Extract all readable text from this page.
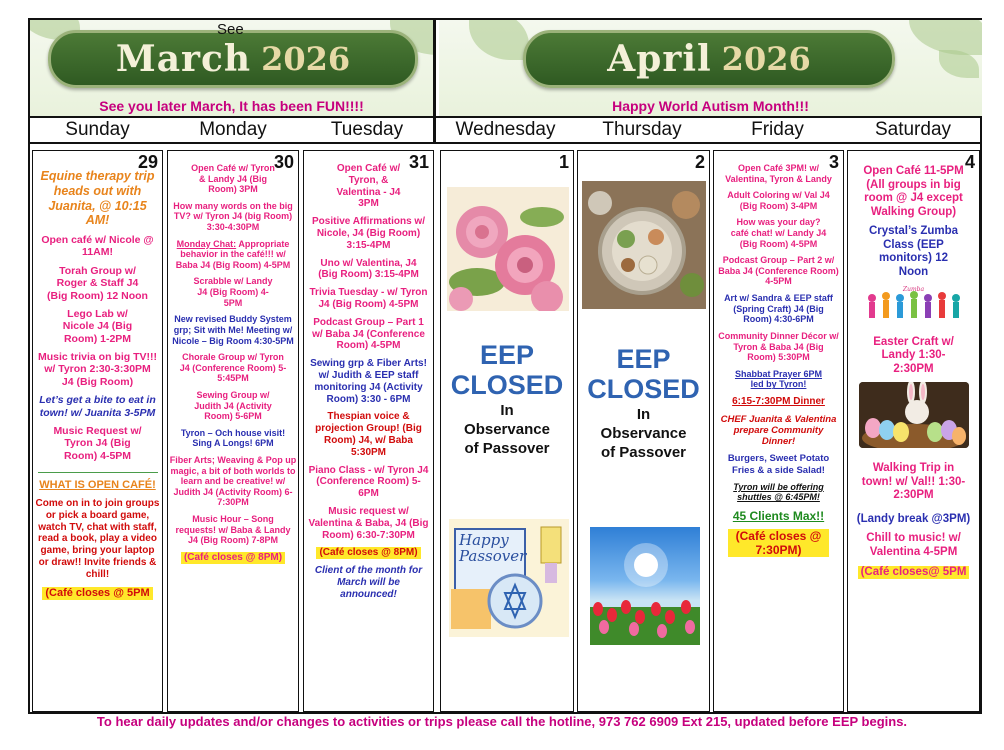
March 2026
See
See you later March, It has been FUN!!!!
April 2026
Happy World Autism Month!!!
Sunday	Monday	Tuesday	Wednesday	Thursday	Friday	Saturday
29
Equine therapy trip heads out with Juanita, @ 10:15 AM!
Open café w/ Nicole @ 11AM!
Torah Group w/ Roger & Staff J4 (Big Room) 12 Noon
Lego Lab w/ Nicole J4 (Big Room) 1-2PM
Music trivia on big TV!!! w/ Tyron 2:30-3:30PM J4 (Big Room)
Let’s get a bite to eat in town! w/ Juanita 3-5PM
Music Request w/ Tyron J4 (Big Room) 4-5PM
WHAT IS OPEN CAFÉ!
Come on in to join groups or pick a board game, watch TV, chat with staff, read a book, play a video game, bring your laptop or draw!! Invite friends & chill!
(Café closes @ 5PM
30
Open Café w/ Tyron & Landy J4 (Big Room) 3PM
How many words on the big TV? w/ Tyron J4 (big Room) 3:30-4:30PM
Monday Chat: Appropriate behavior in the café!!! w/ Baba J4 (Big Room) 4-5PM
Scrabble w/ Landy J4 (Big Room) 4-5PM
New revised Buddy System grp; Sit with Me! Meeting w/ Nicole – Big Room 4:30-5PM
Chorale Group w/ Tyron J4 (Conference Room) 5-5:45PM
Sewing Group w/ Judith J4 (Activity Room) 5-6PM
Tyron – Och house visit! Sing A Longs! 6PM
Fiber Arts; Weaving & Pop up magic, a bit of both worlds to learn and be creative! w/ Judith J4 (Activity Room) 6-7:30PM
Music Hour – Song requests! w/ Baba & Landy J4 (Big Room) 7-8PM
(Café closes @ 8PM)
31
Open Café w/ Tyron, & Valentina - J4 3PM
Positive Affirmations w/ Nicole, J4 (Big Room) 3:15-4PM
Uno w/ Valentina, J4 (Big Room) 3:15-4PM
Trivia Tuesday - w/ Tyron J4 (Big Room) 4-5PM
Podcast Group – Part 1 w/ Baba J4 (Conference Room) 4-5PM
Sewing grp & Fiber Arts! w/ Judith & EEP staff monitoring J4 (Activity Room) 3:30 - 6PM
Thespian voice & projection Group! (Big Room) J4, w/ Baba 5:30PM
Piano Class - w/ Tyron J4 (Conference Room) 5-6PM
Music request w/ Valentina & Baba, J4 (Big Room) 6:30-7:30PM
(Café closes @ 8PM)
Client of the month for March will be announced!
1
EEP
CLOSED
In Observance of Passover
Happy Passover
2
EEP
CLOSED
In Observance of Passover
3
Open Café 3PM! w/ Valentina, Tyron & Landy
Adult Coloring w/ Val J4 (Big Room) 3-4PM
How was your day? café chat! w/ Landy J4 (Big Room) 4-5PM
Podcast Group – Part 2 w/ Baba J4 (Conference Room) 4-5PM
Art w/ Sandra & EEP staff (Spring Craft) J4 (Big Room) 4:30-6PM
Community Dinner Décor w/ Tyron & Baba J4 (Big Room) 5:30PM
Shabbat Prayer 6PM led by Tyron!
6:15-7:30PM Dinner
CHEF Juanita & Valentina prepare Community Dinner!
Burgers, Sweet Potato Fries & a side Salad!
Tyron will be offering shuttles @ 6:45PM!
45 Clients Max!!
(Café closes @ 7:30PM)
4
Open Café 11-5PM (All groups in big room @ J4 except Walking Group)
Crystal’s Zumba Class (EEP monitors) 12 Noon
Zumba
Easter Craft w/ Landy 1:30-2:30PM
Walking Trip in town! w/ Val!! 1:30-2:30PM
(Landy break @3PM)
Chill to music! w/ Valentina 4-5PM
(Café closes@ 5PM
To hear daily updates and/or changes to activities or trips please call the hotline, 973 762 6909 Ext 215, updated before EEP begins.
